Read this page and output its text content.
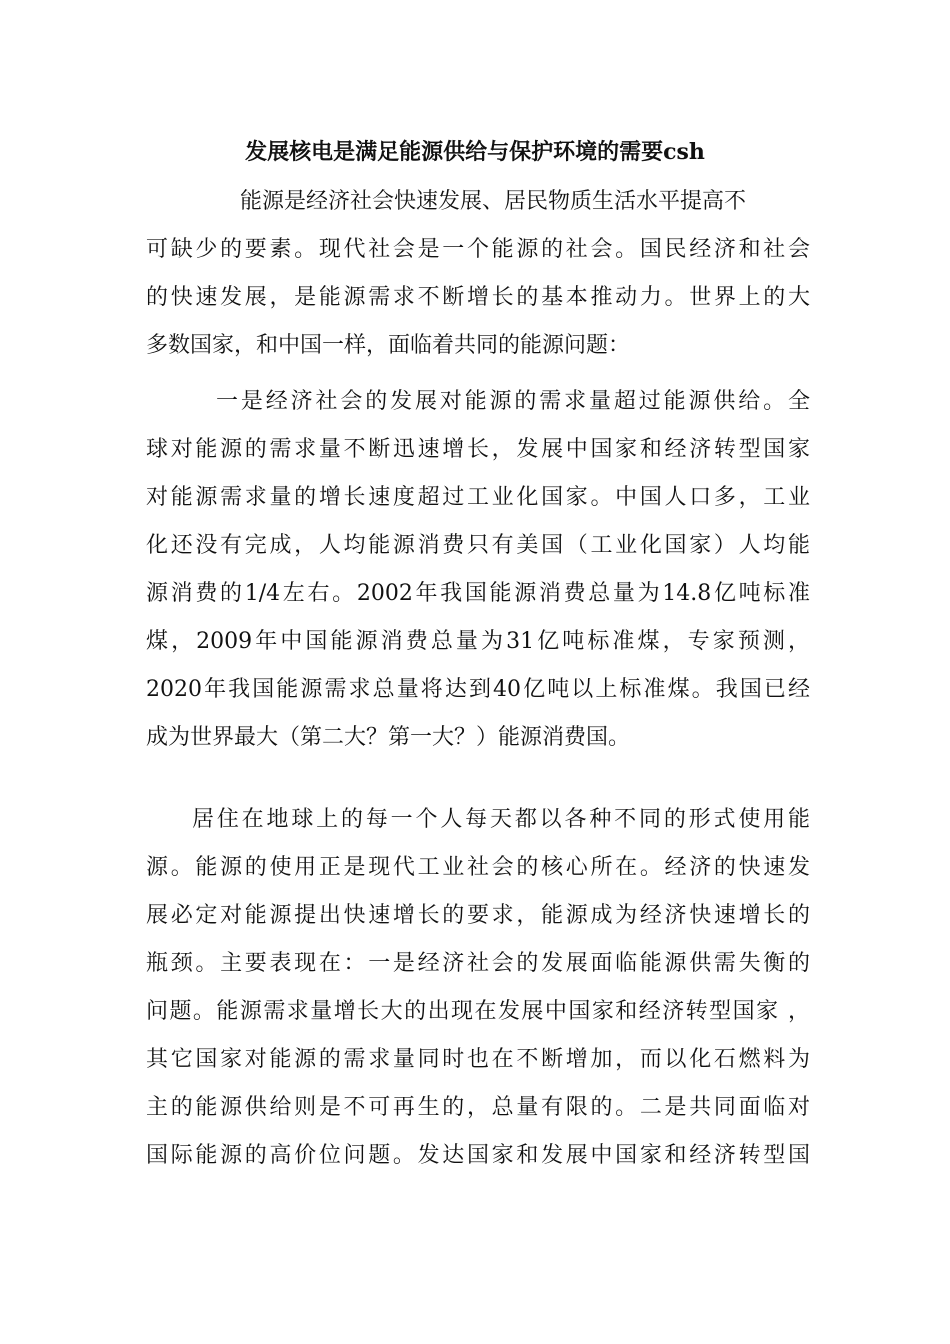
发展核电是满足能源供给与保护环境的需要csh
能源是经济社会快速发展、居民物质生活水平提高不
可缺少的要素。现代社会是一个能源的社会。国民经济和社会
的快速发展，是能源需求不断增长的基本推动力。世界上的大
多数国家，和中国一样，面临着共同的能源问题：
一是经济社会的发展对能源的需求量超过能源供给。全
球对能源的需求量不断迅速增长，发展中国家和经济转型国家
对能源需求量的增长速度超过工业化国家。中国人口多，工业
化还没有完成，人均能源消费只有美国（工业化国家）人均能
源消费的1/4左右。2002年我国能源消费总量为14.8亿吨标准
煤，2009年中国能源消费总量为31亿吨标准煤，专家预测，
2020年我国能源需求总量将达到40亿吨以上标准煤。我国已经
成为世界最大（第二大？第一大？）能源消费国。
居住在地球上的每一个人每天都以各种不同的形式使用能
源。能源的使用正是现代工业社会的核心所在。经济的快速发
展必定对能源提出快速增长的要求，能源成为经济快速增长的
瓶颈。主要表现在：一是经济社会的发展面临能源供需失衡的
问题。能源需求量增长大的出现在发展中国家和经济转型国家 ，
其它国家对能源的需求量同时也在不断增加，而以化石燃料为
主的能源供给则是不可再生的，总量有限的。二是共同面临对
国际能源的高价位问题。发达国家和发展中国家和经济转型国
